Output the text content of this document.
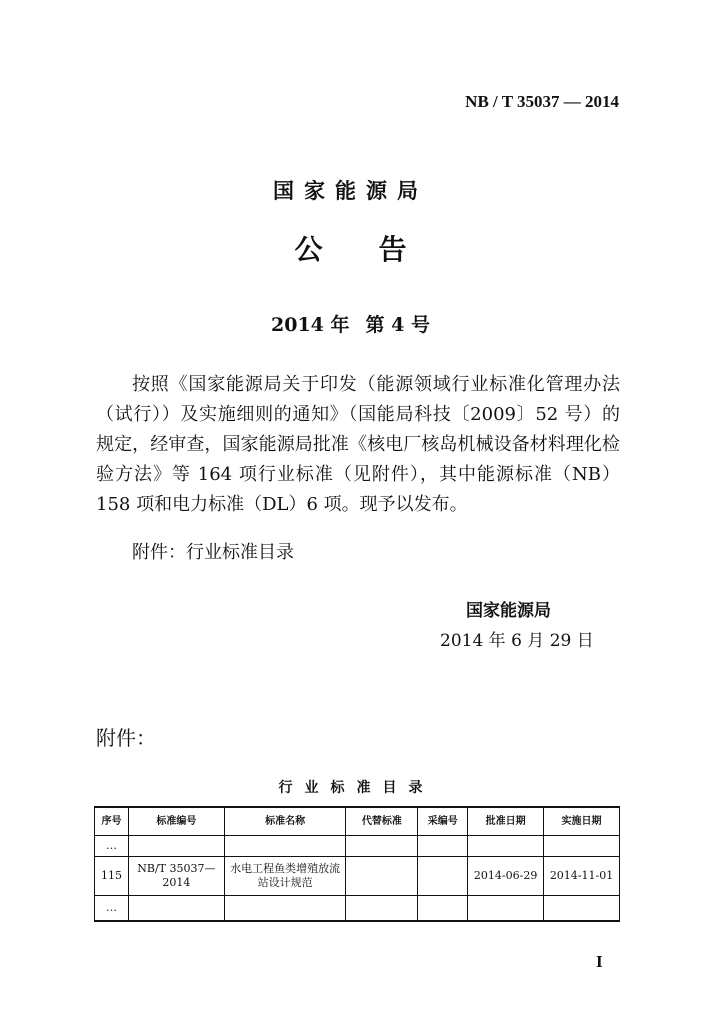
NB / T 35037 — 2014
国家能源局
公告
2014 年 第 4 号
按照《国家能源局关于印发（能源领域行业标准化管理办法（试行））及实施细则的通知》（国能局科技〔2009〕52 号）的规定，经审查，国家能源局批准《核电厂核岛机械设备材料理化检验方法》等 164 项行业标准（见附件），其中能源标准（NB）158 项和电力标准（DL）6 项。现予以发布。
附件：行业标准目录
国家能源局
2014 年 6 月 29 日
附件：
行业标准目录
序号	标准编号	标准名称	代替标准	采编号	批准日期	实施日期
…						
115	NB/T 35037— 2014	水电工程鱼类增殖放流站设计规范			2014-06-29	2014-11-01
…						
I
